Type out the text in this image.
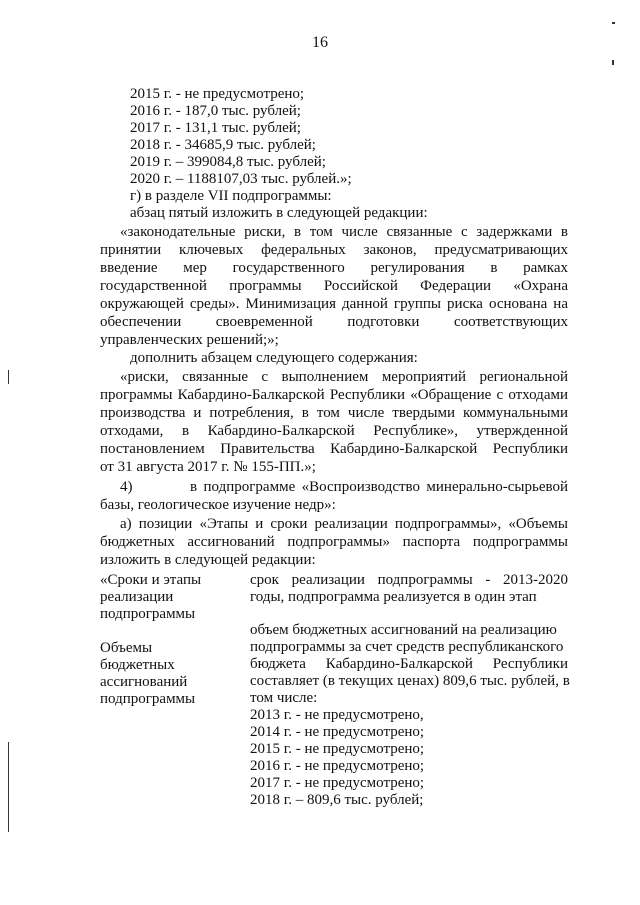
16
2015 г. - не предусмотрено;
2016 г. - 187,0 тыс. рублей;
2017 г. - 131,1 тыс. рублей;
2018 г. - 34685,9 тыс. рублей;
2019 г. – 399084,8 тыс. рублей;
2020 г. – 1188107,03 тыс. рублей.»;
г) в разделе VII подпрограммы:
абзац пятый изложить в следующей редакции:
«законодательные риски, в том числе связанные с задержками в
принятии ключевых федеральных законов, предусматривающих
введение мер государственного регулирования в рамках
государственной программы Российской Федерации «Охрана
окружающей среды». Минимизация данной группы риска основана на
обеспечении своевременной подготовки соответствующих
управленческих решений;»;
дополнить абзацем следующего содержания:
«риски, связанные с выполнением мероприятий региональной
программы Кабардино-Балкарской Республики «Обращение с отходами
производства и потребления, в том числе твердыми коммунальными
отходами, в Кабардино-Балкарской Республике», утвержденной
постановлением Правительства Кабардино-Балкарской Республики
от 31 августа 2017 г. № 155-ПП.»;
4)         в подпрограмме «Воспроизводство минерально-сырьевой
базы, геологическое изучение недр»:
а) позиции «Этапы и сроки реализации подпрограммы», «Объемы
бюджетных ассигнований подпрограммы» паспорта подпрограммы
изложить в следующей редакции:
«Сроки и этапы
реализации
подпрограммы
срок реализации подпрограммы - 2013-2020
годы, подпрограмма реализуется в один этап
Объемы
бюджетных
ассигнований
подпрограммы
объем бюджетных ассигнований на реализацию
подпрограммы за счет средств республиканского
бюджета Кабардино-Балкарской Республики
составляет (в текущих ценах) 809,6 тыс. рублей, в
том числе:
2013 г. - не предусмотрено,
2014 г. - не предусмотрено;
2015 г. - не предусмотрено;
2016 г. - не предусмотрено;
2017 г. - не предусмотрено;
2018 г. – 809,6 тыс. рублей;
